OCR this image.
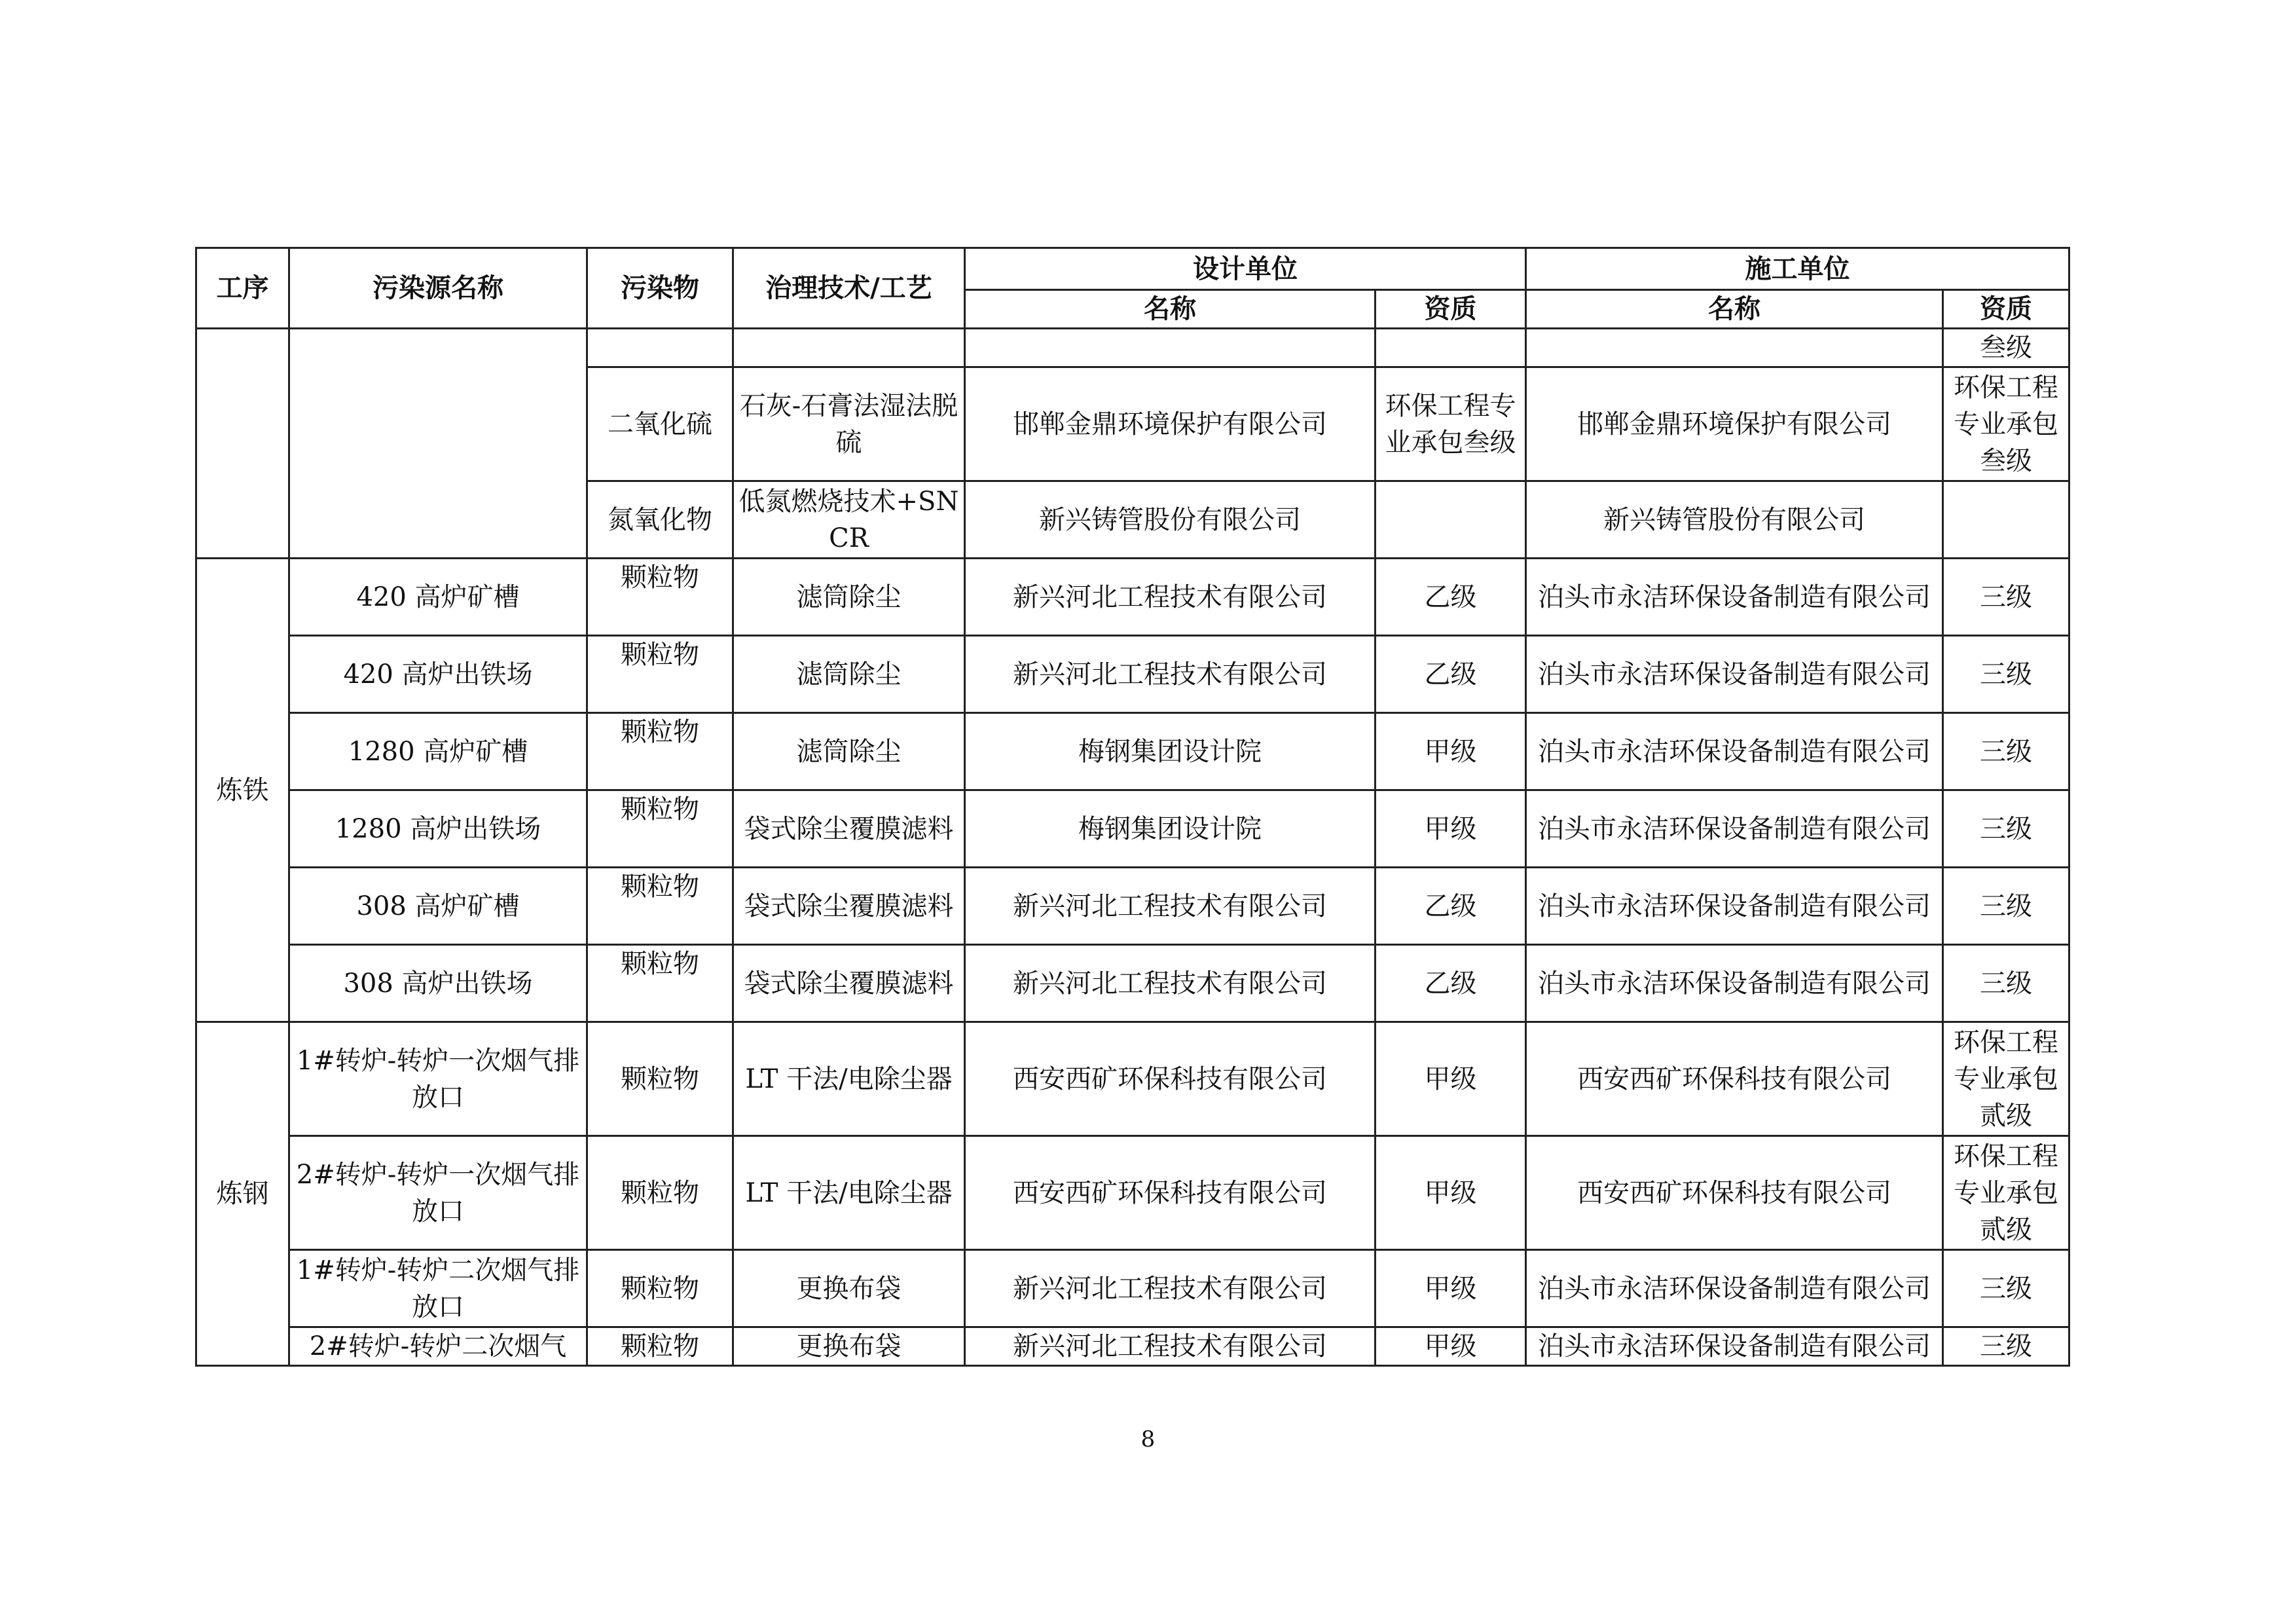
工序	污染源名称	污染物	治理技术/工艺	设计单位		施工单位	
				名称	资质	名称	资质
							叁级
		二氧化硫	石灰-石膏法湿法脱硫	邯郸金鼎环境保护有限公司	环保工程专业承包叁级	邯郸金鼎环境保护有限公司	环保工程专业承包叁级
		氮氧化物	低氮燃烧技术+SNCR	新兴铸管股份有限公司		新兴铸管股份有限公司	
炼铁	420 高炉矿槽	颗粒物	滤筒除尘	新兴河北工程技术有限公司	乙级	泊头市永洁环保设备制造有限公司	三级
	420 高炉出铁场	颗粒物	滤筒除尘	新兴河北工程技术有限公司	乙级	泊头市永洁环保设备制造有限公司	三级
	1280 高炉矿槽	颗粒物	滤筒除尘	梅钢集团设计院	甲级	泊头市永洁环保设备制造有限公司	三级
	1280 高炉出铁场	颗粒物	袋式除尘覆膜滤料	梅钢集团设计院	甲级	泊头市永洁环保设备制造有限公司	三级
	308 高炉矿槽	颗粒物	袋式除尘覆膜滤料	新兴河北工程技术有限公司	乙级	泊头市永洁环保设备制造有限公司	三级
	308 高炉出铁场	颗粒物	袋式除尘覆膜滤料	新兴河北工程技术有限公司	乙级	泊头市永洁环保设备制造有限公司	三级
炼钢	1#转炉-转炉一次烟气排放口	颗粒物	LT 干法/电除尘器	西安西矿环保科技有限公司	甲级	西安西矿环保科技有限公司	环保工程专业承包贰级
	2#转炉-转炉一次烟气排放口	颗粒物	LT 干法/电除尘器	西安西矿环保科技有限公司	甲级	西安西矿环保科技有限公司	环保工程专业承包贰级
	1#转炉-转炉二次烟气排放口	颗粒物	更换布袋	新兴河北工程技术有限公司	甲级	泊头市永洁环保设备制造有限公司	三级
	2#转炉-转炉二次烟气	颗粒物	更换布袋	新兴河北工程技术有限公司	甲级	泊头市永洁环保设备制造有限公司	三级
8
